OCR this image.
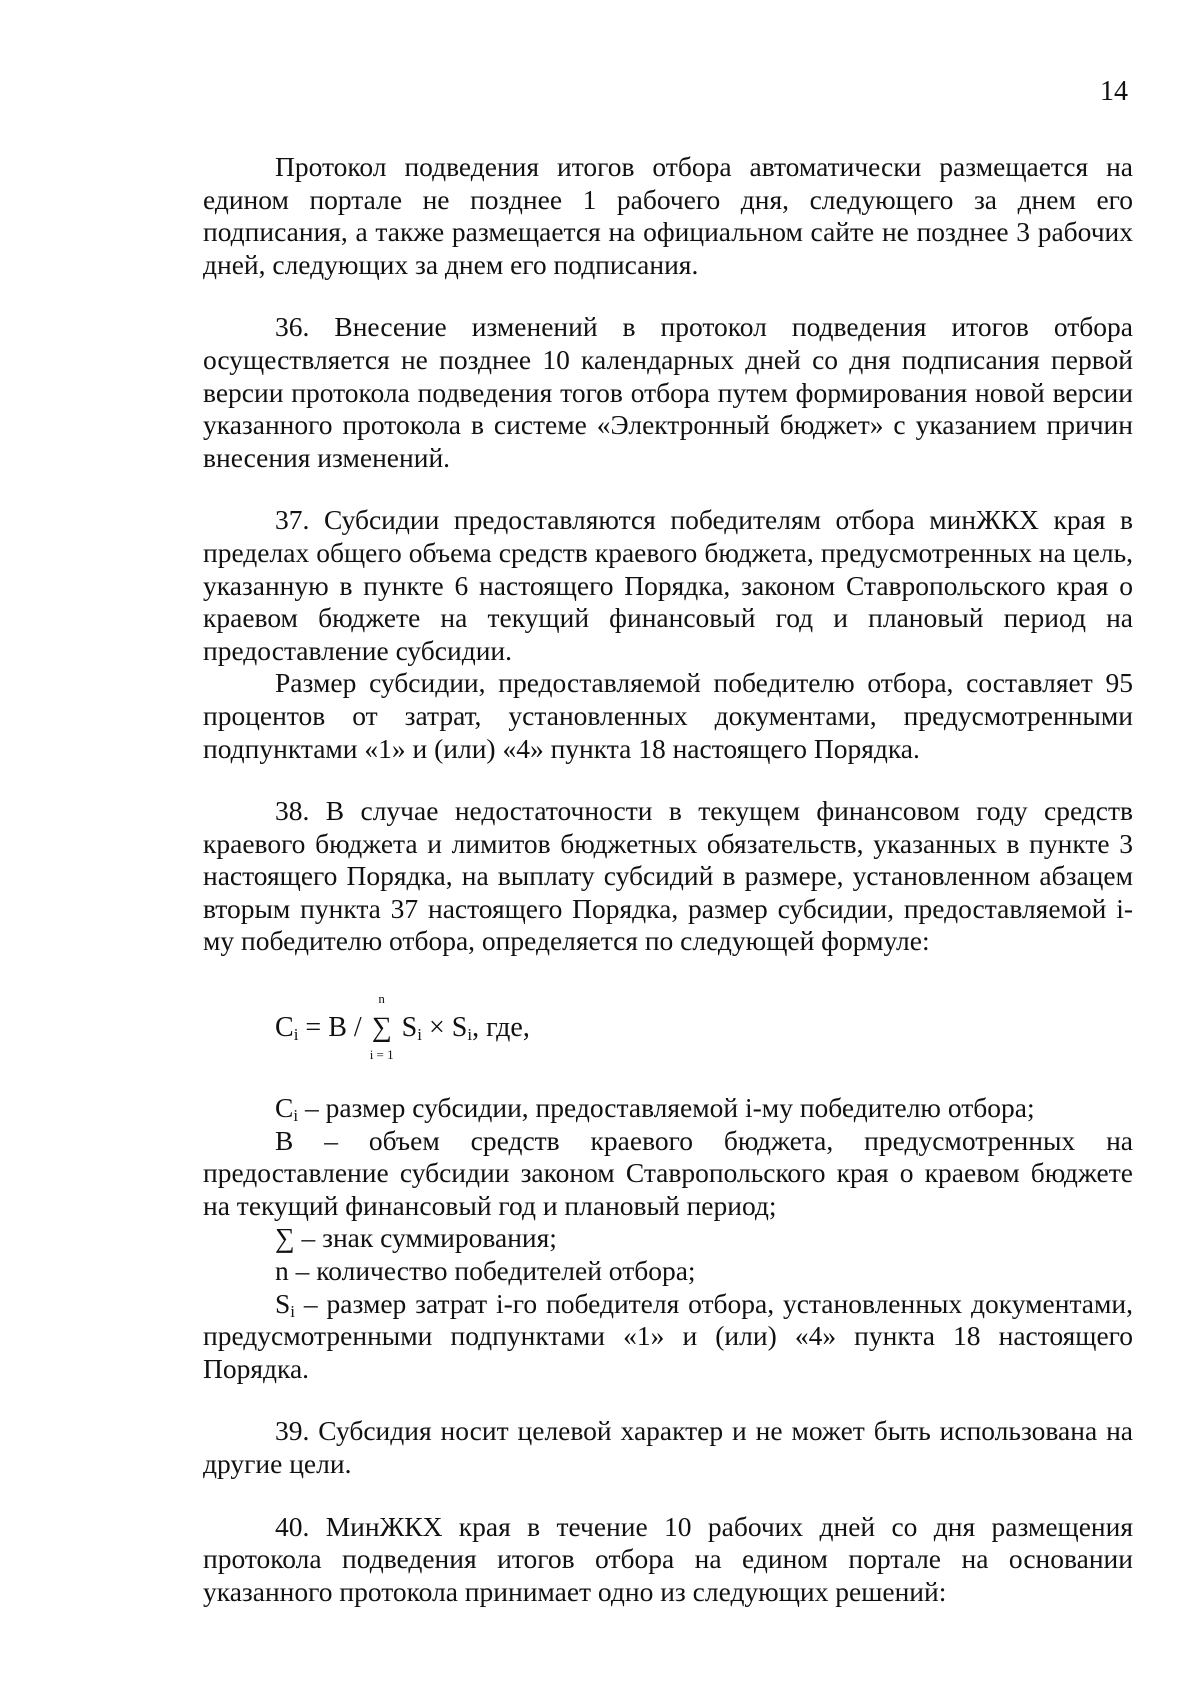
14

Протокол подведения итогов отбора автоматически размещается на едином портале не позднее 1 рабочего дня, следующего за днем его подписания, а также размещается на официальном сайте не позднее 3 рабочих дней, следующих за днем его подписания.

36. Внесение изменений в протокол подведения итогов отбора осуществляется не позднее 10 календарных дней со дня подписания первой версии протокола подведения тогов отбора путем формирования новой версии указанного протокола в системе «Электронный бюджет» с указанием причин внесения изменений.

37. Субсидии предоставляются победителям отбора минЖКХ края в пределах общего объема средств краевого бюджета, предусмотренных на цель, указанную в пункте 6 настоящего Порядка, законом Ставропольского края о краевом бюджете на текущий финансовый год и плановый период на предоставление субсидии.

Размер субсидии, предоставляемой победителю отбора, составляет 95 процентов от затрат, установленных документами, предусмотренными подпунктами «1» и (или) «4» пункта 18 настоящего Порядка.

38. В случае недостаточности в текущем финансовом году средств краевого бюджета и лимитов бюджетных обязательств, указанных в пункте 3 настоящего Порядка, на выплату субсидий в размере, установленном абзацем вторым пункта 37 настоящего Порядка, размер субсидии, предоставляемой i-му победителю отбора, определяется по следующей формуле:

$C_i = B$ /
n
∑
i = 1
$S_i \times S_i$, где,

$C_i$ – размер субсидии, предоставляемой i-му победителю отбора;

B – объем средств краевого бюджета, предусмотренных на предоставление субсидии законом Ставропольского края о краевом бюджете на текущий финансовый год и плановый период;

∑ – знак суммирования;

n – количество победителей отбора;

$S_i$ – размер затрат i-го победителя отбора, установленных документами, предусмотренными подпунктами «1» и (или) «4» пункта 18 настоящего Порядка.

39. Субсидия носит целевой характер и не может быть использована на другие цели.

40. МинЖКХ края в течение 10 рабочих дней со дня размещения протокола подведения итогов отбора на едином портале на основании указанного протокола принимает одно из следующих решений:
